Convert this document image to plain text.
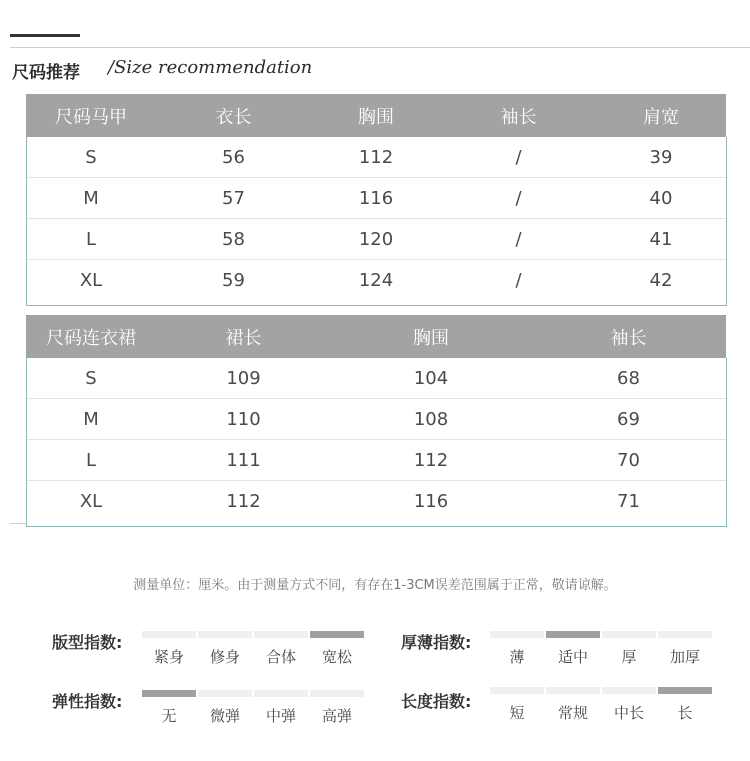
尺码推荐 /Size recommendation
尺码马甲	衣长	胸围	袖长	肩宽
S	56	112	/	39
M	57	116	/	40
L	58	120	/	41
XL	59	124	/	42
尺码连衣裙	裙长	胸围	袖长
S	109	104	68
M	110	108	69
L	111	112	70
XL	112	116	71
测量单位：厘米。由于测量方式不同，有存在1-3CM误差范围属于正常，敬请谅解。
版型指数:
紧身	修身	合体	宽松
厚薄指数:
薄	适中	厚	加厚
弹性指数:
无	微弹	中弹	高弹
长度指数:
短	常规	中长	长
